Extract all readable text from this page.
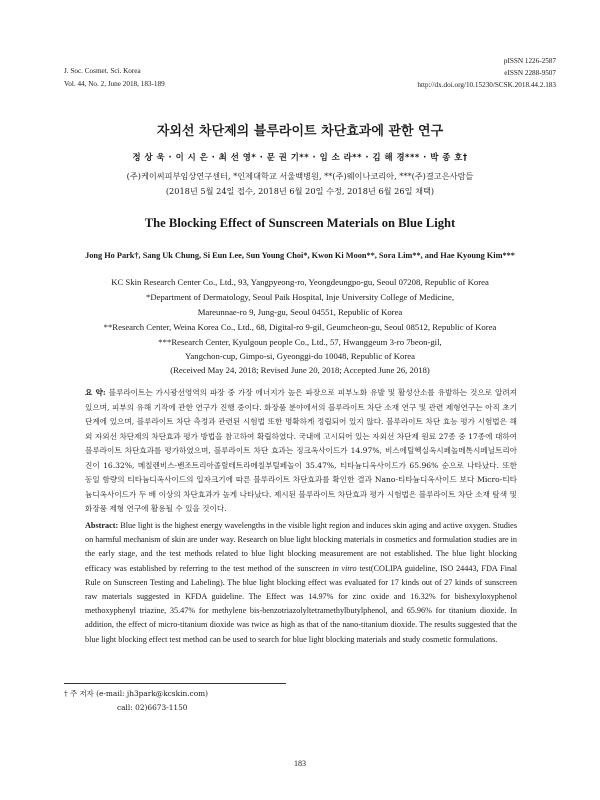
J. Soc. Cosmet. Sci. Korea
Vol. 44, No. 2, June 2018, 183-189
pISSN 1226-2587
eISSN 2288-9507
http://dx.doi.org/10.15230/SCSK.2018.44.2.183
자외선 차단제의 블루라이트 차단효과에 관한 연구
정 상 욱 · 이 시 은 · 최 선 영* · 문 권 기** · 임 소 라** · 김 해 경*** · 박 종 호†
(주)케이씨피부임상연구센터, *인제대학교 서울백병원, **(주)웨이나코리아, ***(주)결고은사람들
(2018년 5월 24일 접수, 2018년 6월 20일 수정, 2018년 6월 26일 채택)
The Blocking Effect of Sunscreen Materials on Blue Light
Jong Ho Park†, Sang Uk Chung, Si Eun Lee, Sun Young Choi*, Kwon Ki Moon**, Sora Lim**, and Hae Kyoung Kim***
KC Skin Research Center Co., Ltd., 93, Yangpyeong-ro, Yeongdeungpo-gu, Seoul 07208, Republic of Korea
*Department of Dermatology, Seoul Paik Hospital, Inje University College of Medicine,
Mareunnae-ro 9, Jung-gu, Seoul 04551, Republic of Korea
**Research Center, Weina Korea Co., Ltd., 68, Digital-ro 9-gil, Geumcheon-gu, Seoul 08512, Republic of Korea
***Research Center, Kyulgoun people Co., Ltd., 57, Hwanggeum 3-ro 7beon-gil,
Yangchon-cup, Gimpo-si, Gyeonggi-do 10048, Republic of Korea
(Received May 24, 2018; Revised June 20, 2018; Accepted June 26, 2018)
요 약: 블루라이트는 가시광선영역의 파장 중 가장 에너지가 높은 파장으로 피부노화 유발 및 활성산소를 유발하는 것으로 알려져 있으며, 피부의 유해 기작에 관한 연구가 진행 중이다. 화장품 분야에서의 블루라이트 차단 소재 연구 및 관련 제형연구는 아직 초기 단계에 있으며, 블루라이트 차단 측정과 관련된 시험법 또한 명확하게 정립되어 있지 않다. 블루라이트 차단 효능 평가 시험법은 해외 자외선 차단제의 차단효과 평가 방법을 참고하여 확립하였다. 국내에 고시되어 있는 자외선 차단제 원료 27종 중 17종에 대하여 블루라이트 차단효과를 평가하였으며, 블루라이트 차단 효과는 징크옥사이드가 14.97%, 비스에틸헥실옥시페놀메톡시페닐트리아진이 16.32%, 메칠렌비스-벤조트리아졸릴테트라메칠부틸페놀이 35.47%, 티타늄디옥사이드가 65.96% 순으로 나타났다. 또한 동일 함량의 티타늄디옥사이드의 입자크기에 따른 블루라이트 차단효과를 확인한 결과 Nano-티타늄디옥사이드 보다 Micro-티타늄디옥사이드가 두 배 이상의 차단효과가 높게 나타났다. 제시된 블루라이트 차단효과 평가 시험법은 블루라이트 차단 소재 탐색 및 화장품 제형 연구에 활용될 수 있을 것이다.
Abstract: Blue light is the highest energy wavelengths in the visible light region and induces skin aging and active oxygen. Studies on harmful mechanism of skin are under way. Research on blue light blocking materials in cosmetics and formulation studies are in the early stage, and the test methods related to blue light blocking measurement are not established. The blue light blocking efficacy was established by referring to the test method of the sunscreen in vitro test(COLIPA guideline, ISO 24443, FDA Final Rule on Sunscreen Testing and Labeling). The blue light blocking effect was evaluated for 17 kinds out of 27 kinds of sunscreen raw materials suggested in KFDA guideline. The Effect was 14.97% for zinc oxide and 16.32% for bishexyloxyphenol methoxyphenyl triazine, 35.47% for methylene bis-benzotriazolyltetramethylbutylphenol, and 65.96% for titanium dioxide. In addition, the effect of micro-titanium dioxide was twice as high as that of the nano-titanium dioxide. The results suggested that the blue light blocking effect test method can be used to search for blue light blocking materials and study cosmetic formulations.
† 주 저자 (e-mail: jh3park@kcskin.com)
call: 02)6673-1150
183
